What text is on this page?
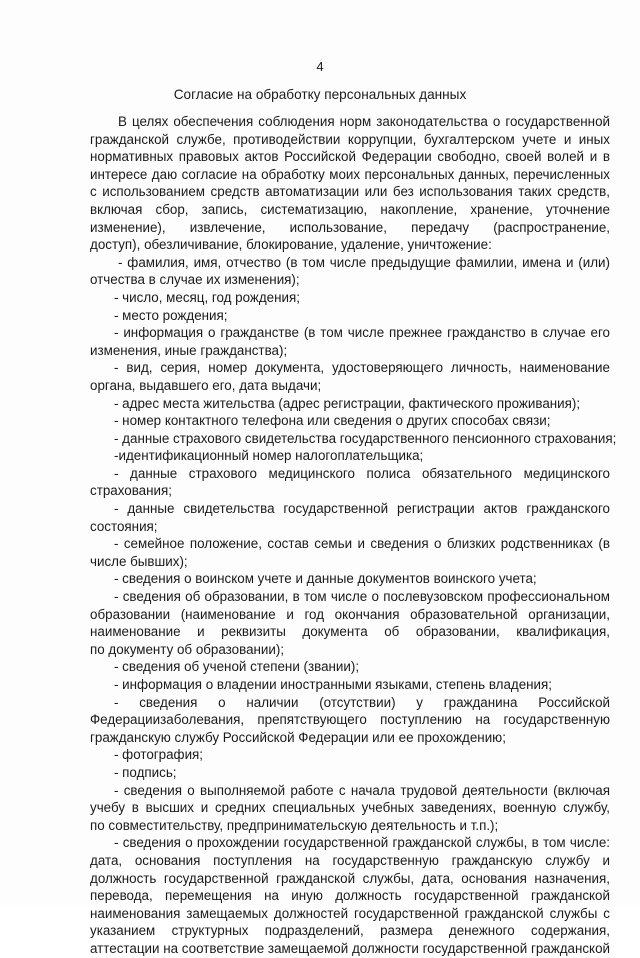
4
Согласие на обработку персональных данных
В целях обеспечения соблюдения норм законодательства о государственной
гражданской службе, противодействии коррупции, бухгалтерском учете и иных
нормативных правовых актов Российской Федерации свободно, своей волей и в
интересе даю согласие на обработку моих персональных данных, перечисленных
с использованием средств автоматизации или без использования таких средств,
включая сбор, запись, систематизацию, накопление, хранение, уточнение
изменение), извлечение, использование, передачу (распространение,
доступ), обезличивание, блокирование, удаление, уничтожение:
- фамилия, имя, отчество (в том числе предыдущие фамилии, имена и (или)
отчества в случае их изменения);
- число, месяц, год рождения;
- место рождения;
- информация о гражданстве (в том числе прежнее гражданство в случае его
изменения, иные гражданства);
- вид, серия, номер документа, удостоверяющего личность, наименование
органа, выдавшего его, дата выдачи;
- адрес места жительства (адрес регистрации, фактического проживания);
- номер контактного телефона или сведения о других способах связи;
- данные страхового свидетельства государственного пенсионного страхования;
-идентификационный номер налогоплательщика;
- данные страхового медицинского полиса обязательного медицинского
страхования;
- данные свидетельства государственной регистрации актов гражданского
состояния;
- семейное положение, состав семьи и сведения о близких родственниках (в
числе бывших);
- сведения о воинском учете и данные документов воинского учета;
- сведения об образовании, в том числе о послевузовском профессиональном
образовании (наименование и год окончания образовательной организации,
наименование и реквизиты документа об образовании, квалификация,
по документу об образовании);
- сведения об ученой степени (звании);
- информация о владении иностранными языками, степень владения;
- сведения о наличии (отсутствии) у гражданина Российской
Федерациизаболевания, препятствующего поступлению на государственную
гражданскую службу Российской Федерации или ее прохождению;
- фотография;
- подпись;
- сведения о выполняемой работе с начала трудовой деятельности (включая
учебу в высших и средних специальных учебных заведениях, военную службу,
по совместительству, предпринимательскую деятельность и т.п.);
- сведения о прохождении государственной гражданской службы, в том числе:
дата, основания поступления на государственную гражданскую службу и
должность государственной гражданской службы, дата, основания назначения,
перевода, перемещения на иную должность государственной гражданской
наименования замещаемых должностей государственной гражданской службы с
указанием структурных подразделений, размера денежного содержания,
аттестации на соответствие замещаемой должности государственной гражданской
